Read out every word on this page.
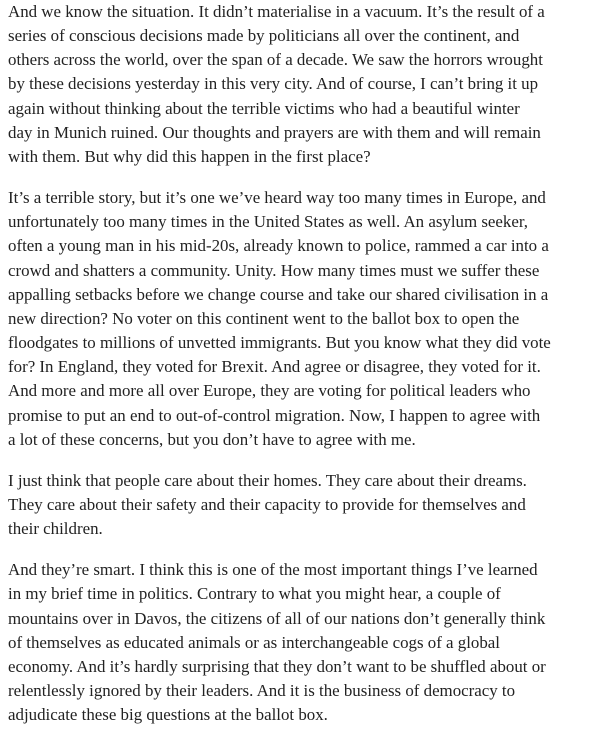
And we know the situation. It didn’t materialise in a vacuum. It’s the result of a
series of conscious decisions made by politicians all over the continent, and
others across the world, over the span of a decade. We saw the horrors wrought
by these decisions yesterday in this very city. And of course, I can’t bring it up
again without thinking about the terrible victims who had a beautiful winter
day in Munich ruined. Our thoughts and prayers are with them and will remain
with them. But why did this happen in the first place?

It’s a terrible story, but it’s one we’ve heard way too many times in Europe, and
unfortunately too many times in the United States as well. An asylum seeker,
often a young man in his mid-20s, already known to police, rammed a car into a
crowd and shatters a community. Unity. How many times must we suffer these
appalling setbacks before we change course and take our shared civilisation in a
new direction? No voter on this continent went to the ballot box to open the
floodgates to millions of unvetted immigrants. But you know what they did vote
for? In England, they voted for Brexit. And agree or disagree, they voted for it.
And more and more all over Europe, they are voting for political leaders who
promise to put an end to out-of-control migration. Now, I happen to agree with
a lot of these concerns, but you don’t have to agree with me.

I just think that people care about their homes. They care about their dreams.
They care about their safety and their capacity to provide for themselves and
their children.

And they’re smart. I think this is one of the most important things I’ve learned
in my brief time in politics. Contrary to what you might hear, a couple of
mountains over in Davos, the citizens of all of our nations don’t generally think
of themselves as educated animals or as interchangeable cogs of a global
economy. And it’s hardly surprising that they don’t want to be shuffled about or
relentlessly ignored by their leaders. And it is the business of democracy to
adjudicate these big questions at the ballot box.
